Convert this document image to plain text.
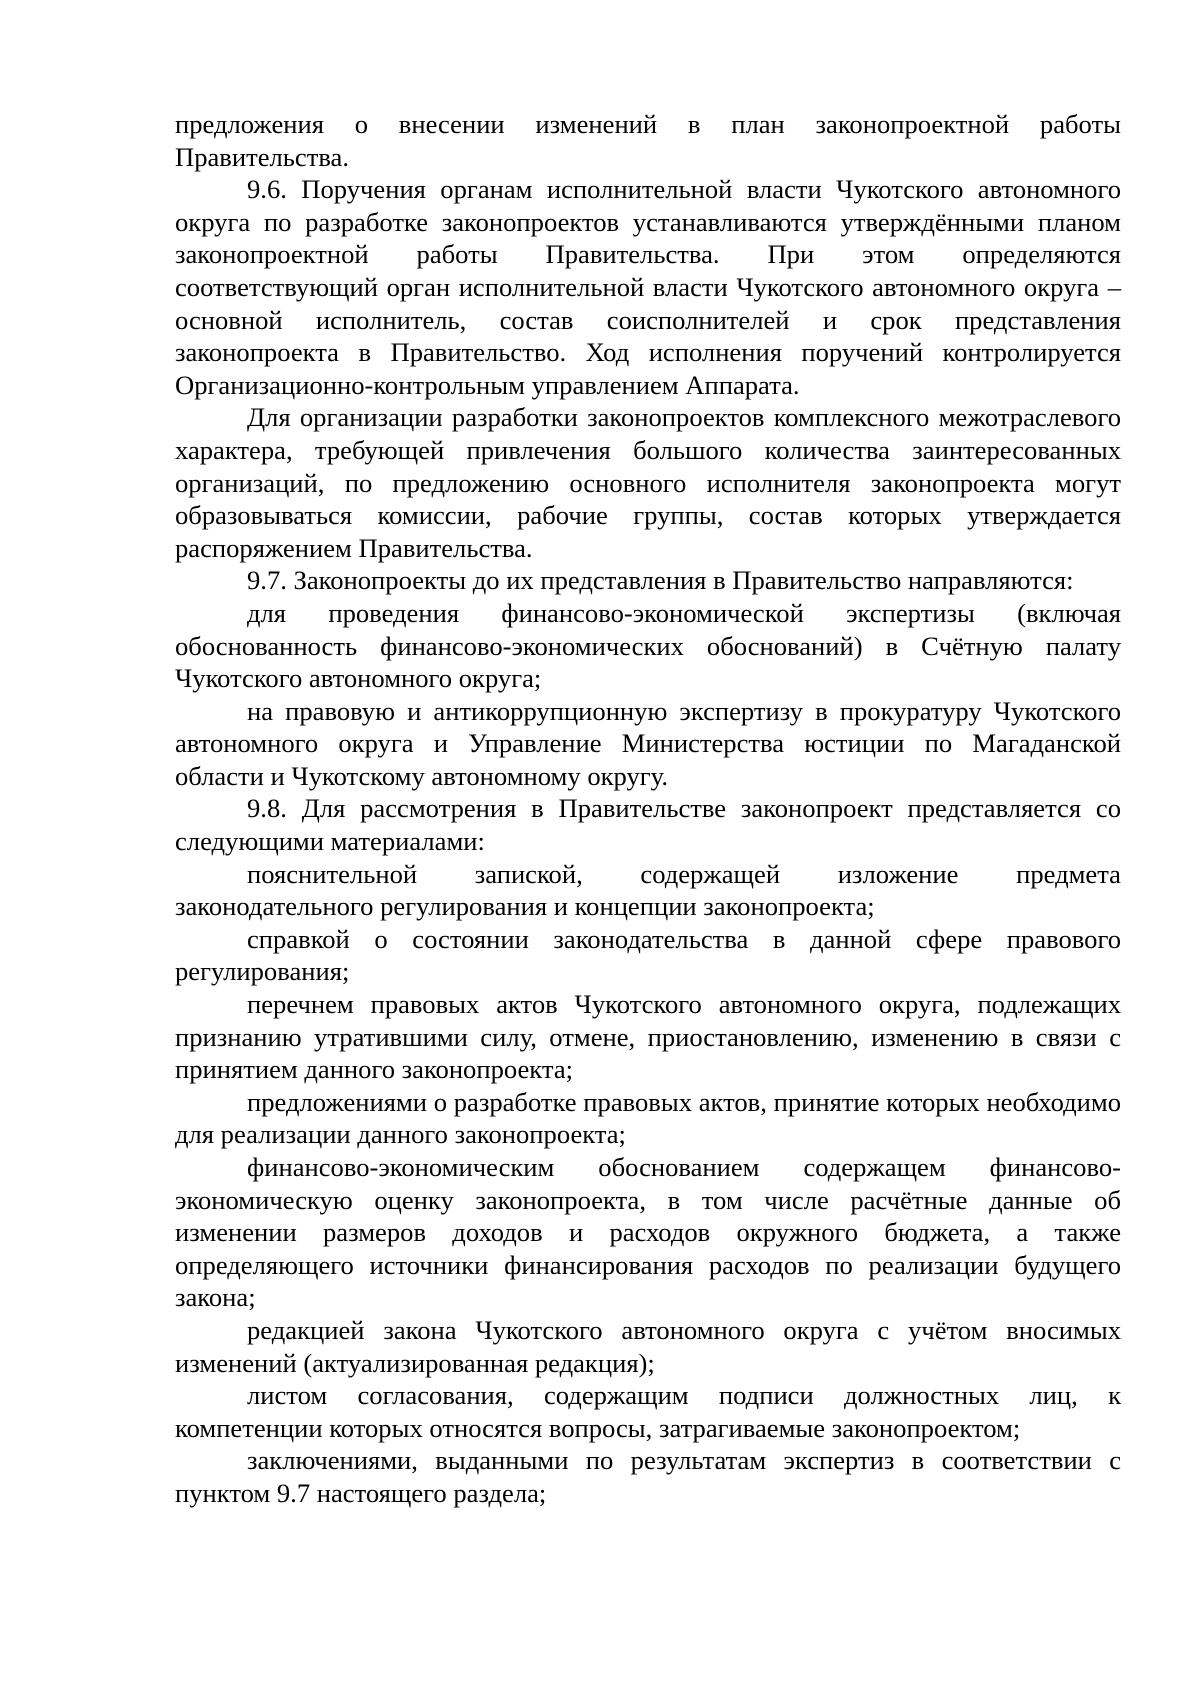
предложения о внесении изменений в план законопроектной работы Правительства.

9.6. Поручения органам исполнительной власти Чукотского автономного округа по разработке законопроектов устанавливаются утверждёнными планом законопроектной работы Правительства. При этом определяются соответствующий орган исполнительной власти Чукотского автономного округа – основной исполнитель, состав соисполнителей и срок представления законопроекта в Правительство. Ход исполнения поручений контролируется Организационно-контрольным управлением Аппарата.

Для организации разработки законопроектов комплексного межотраслевого характера, требующей привлечения большого количества заинтересованных организаций, по предложению основного исполнителя законопроекта могут образовываться комиссии, рабочие группы, состав которых утверждается распоряжением Правительства.

9.7. Законопроекты до их представления в Правительство направляются:

для проведения финансово-экономической экспертизы (включая обоснованность финансово-экономических обоснований) в Счётную палату Чукотского автономного округа;

на правовую и антикоррупционную экспертизу в прокуратуру Чукотского автономного округа и Управление Министерства юстиции по Магаданской области и Чукотскому автономному округу.

9.8. Для рассмотрения в Правительстве законопроект представляется со следующими материалами:

пояснительной запиской, содержащей изложение предмета законодательного регулирования и концепции законопроекта;

справкой о состоянии законодательства в данной сфере правового регулирования;

перечнем правовых актов Чукотского автономного округа, подлежащих признанию утратившими силу, отмене, приостановлению, изменению в связи с принятием данного законопроекта;

предложениями о разработке правовых актов, принятие которых необходимо для реализации данного законопроекта;

финансово-экономическим обоснованием содержащем финансово-экономическую оценку законопроекта, в том числе расчётные данные об изменении размеров доходов и расходов окружного бюджета, а также определяющего источники финансирования расходов по реализации будущего закона;

редакцией закона Чукотского автономного округа с учётом вносимых изменений (актуализированная редакция);

листом согласования, содержащим подписи должностных лиц, к компетенции которых относятся вопросы, затрагиваемые законопроектом;

заключениями, выданными по результатам экспертиз в соответствии с пунктом 9.7 настоящего раздела;
